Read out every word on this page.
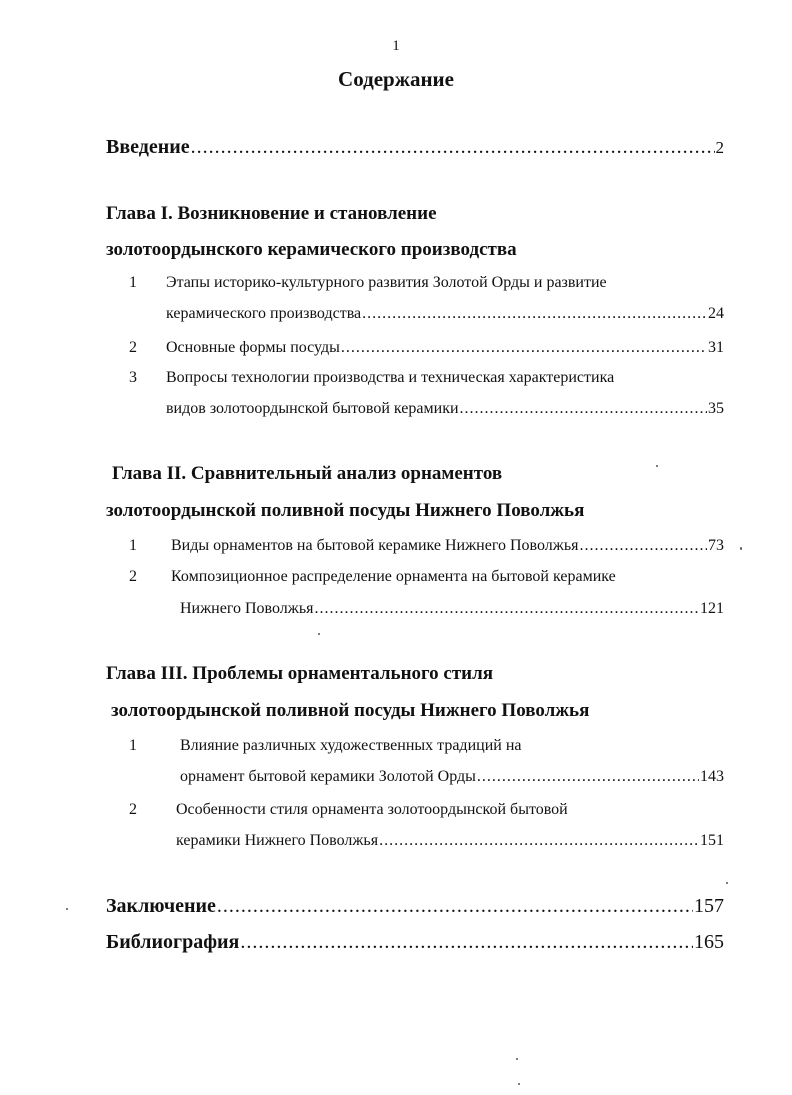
1
Содержание
Введение .....	2
Глава I. Возникновение и становление
золотоордынского керамического производства
1 Этапы историко-культурного развития Золотой Орды и развитие
керамического производства .....	24
2 Основные формы посуды .....	31
3 Вопросы технологии производства и техническая характеристика
видов золотоордынской бытовой керамики .....	35
Глава II. Сравнительный анализ орнаментов
золотоордынской поливной посуды Нижнего Поволжья
1 Виды орнаментов на бытовой керамике Нижнего Поволжья .....	73
2 Композиционное распределение орнамента на бытовой керамике
Нижнего Поволжья .....	121
Глава III. Проблемы орнаментального стиля
золотоордынской поливной посуды Нижнего Поволжья
1	Влияние различных художественных традиций на
орнамент бытовой керамики Золотой Орды .....	143
2 Особенности стиля орнамента золотоордынской бытовой
керамики Нижнего Поволжья .....	151
Заключение .....	157
Библиография .....	165
